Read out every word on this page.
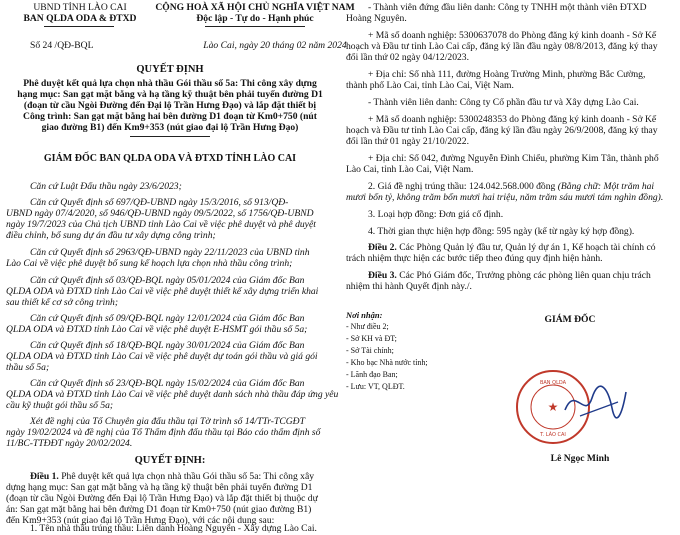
UBND TỈNH LÀO CAI
BAN QLDA ODA & ĐTXD
Số 24 /QĐ-BQL
CỘNG HOÀ XÃ HỘI CHỦ NGHĨA VIỆT NAM
Độc lập - Tự do - Hạnh phúc
Lào Cai, ngày 20 tháng 02 năm 2024
QUYẾT ĐỊNH
Phê duyệt kết quả lựa chọn nhà thầu Gói thầu số 5a: Thi công xây dựng
hạng mục: San gạt mặt bằng và hạ tầng kỹ thuật bên phải tuyến đường D1
(đoạn từ cầu Ngòi Đường đến Đại lộ Trần Hưng Đạo) và lắp đặt thiết bị
Công trình: San gạt mặt bằng hai bên đường D1 đoạn từ Km0+750 (nút
giao đường B1) đến Km9+353 (nút giao đại lộ Trần Hưng Đạo)
GIÁM ĐỐC BAN QLDA ODA VÀ ĐTXD TỈNH LÀO CAI
Căn cứ Luật Đấu thầu ngày 23/6/2023;
Căn cứ Quyết định số 697/QĐ-UBND ngày 15/3/2016, số 913/QĐ-
UBND ngày 07/4/2020, số 946/QĐ-UBND ngày 09/5/2022, số 1756/QĐ-UBND
ngày 19/7/2023 của Chủ tịch UBND tỉnh Lào Cai về việc phê duyệt và phê duyệt
điều chỉnh, bổ sung dự án đầu tư xây dựng công trình;
Căn cứ Quyết định số 2963/QĐ-UBND ngày 22/11/2023 của UBND tỉnh
Lào Cai về việc phê duyệt bổ sung kế hoạch lựa chọn nhà thầu công trình;
Căn cứ Quyết định số 03/QĐ-BQL ngày 05/01/2024 của Giám đốc Ban
QLDA ODA và ĐTXD tỉnh Lào Cai về việc phê duyệt thiết kế xây dựng triển khai
sau thiết kế cơ sở công trình;
Căn cứ Quyết định số 09/QĐ-BQL ngày 12/01/2024 của Giám đốc Ban
QLDA ODA và ĐTXD tỉnh Lào Cai về việc phê duyệt E-HSMT gói thầu số 5a;
Căn cứ Quyết định số 18/QĐ-BQL ngày 30/01/2024 của Giám đốc Ban
QLDA ODA và ĐTXD tỉnh Lào Cai về việc phê duyệt dự toán gói thầu và giá gói
thầu số 5a;
Căn cứ Quyết định số 23/QĐ-BQL ngày 15/02/2024 của Giám đốc Ban
QLDA ODA và ĐTXD tỉnh Lào Cai về việc phê duyệt danh sách nhà thầu đáp ứng yêu
cầu kỹ thuật gói thầu số 5a;
Xét đề nghị của Tổ Chuyên gia đấu thầu tại Tờ trình số 14/TTr-TCGĐT
ngày 19/02/2024 và đề nghị của Tổ Thẩm định đấu thầu tại Báo cáo thẩm định số
11/BC-TTĐĐT ngày 20/02/2024.
QUYẾT ĐỊNH:
Điều 1. Phê duyệt kết quả lựa chọn nhà thầu Gói thầu số 5a: Thi công xây
dựng hạng mục: San gạt mặt bằng và hạ tầng kỹ thuật bên phải tuyến đường D1
(đoạn từ cầu Ngòi Đường đến Đại lộ Trần Hưng Đạo) và lắp đặt thiết bị thuộc dự
án: San gạt mặt bằng hai bên đường D1 đoạn từ Km0+750 (nút giao đường B1)
đến Km9+353 (nút giao đại lộ Trần Hưng Đạo), với các nội dung sau:
1. Tên nhà thầu trúng thầu: Liên danh Hoàng Nguyên - Xây dựng Lào Cai.
- Thành viên đứng đầu liên danh: Công ty TNHH một thành viên ĐTXD
Hoàng Nguyên.
+ Mã số doanh nghiệp: 5300637078 do Phòng đăng ký kinh doanh - Sở Kế
hoạch và Đầu tư tỉnh Lào Cai cấp, đăng ký lần đầu ngày 08/8/2013, đăng ký thay
đổi lần thứ 02 ngày 04/12/2023.
+ Địa chỉ: Số nhà 111, đường Hoàng Trường Minh, phường Bắc Cường,
thành phố Lào Cai, tỉnh Lào Cai, Việt Nam.
- Thành viên liên danh: Công ty Cổ phần đầu tư và Xây dựng Lào Cai.
+ Mã số doanh nghiệp: 5300248353 do Phòng đăng ký kinh doanh - Sở Kế
hoạch và Đầu tư tỉnh Lào Cai cấp, đăng ký lần đầu ngày 26/9/2008, đăng ký thay
đổi lần thứ 01 ngày 21/10/2022.
+ Địa chỉ: Số 042, đường Nguyễn Đình Chiểu, phường Kim Tân, thành phố
Lào Cai, tỉnh Lào Cai, Việt Nam.
2. Giá đề nghị trúng thầu: 124.042.568.000 đồng (Bằng chữ: Một trăm hai
mươi bốn tỷ, không trăm bốn mươi hai triệu, năm trăm sáu mươi tám nghìn đồng).
3. Loại hợp đồng: Đơn giá cố định.
4. Thời gian thực hiện hợp đồng: 595 ngày (kể từ ngày ký hợp đồng).
Điều 2. Các Phòng Quản lý đầu tư, Quản lý dự án 1, Kế hoạch tài chính có
trách nhiệm thực hiện các bước tiếp theo đúng quy định hiện hành.
Điều 3. Các Phó Giám đốc, Trưởng phòng các phòng liên quan chịu trách
nhiệm thi hành Quyết định này./.
Nơi nhận:
- Như điều 2;
- Sở KH và ĐT;
- Sở Tài chính;
- Kho bạc Nhà nước tỉnh;
- Lãnh đạo Ban;
- Lưu: VT, QLĐT.
GIÁM ĐỐC
★
BAN QLDA
T. LÀO CAI
Lê Ngọc Minh
